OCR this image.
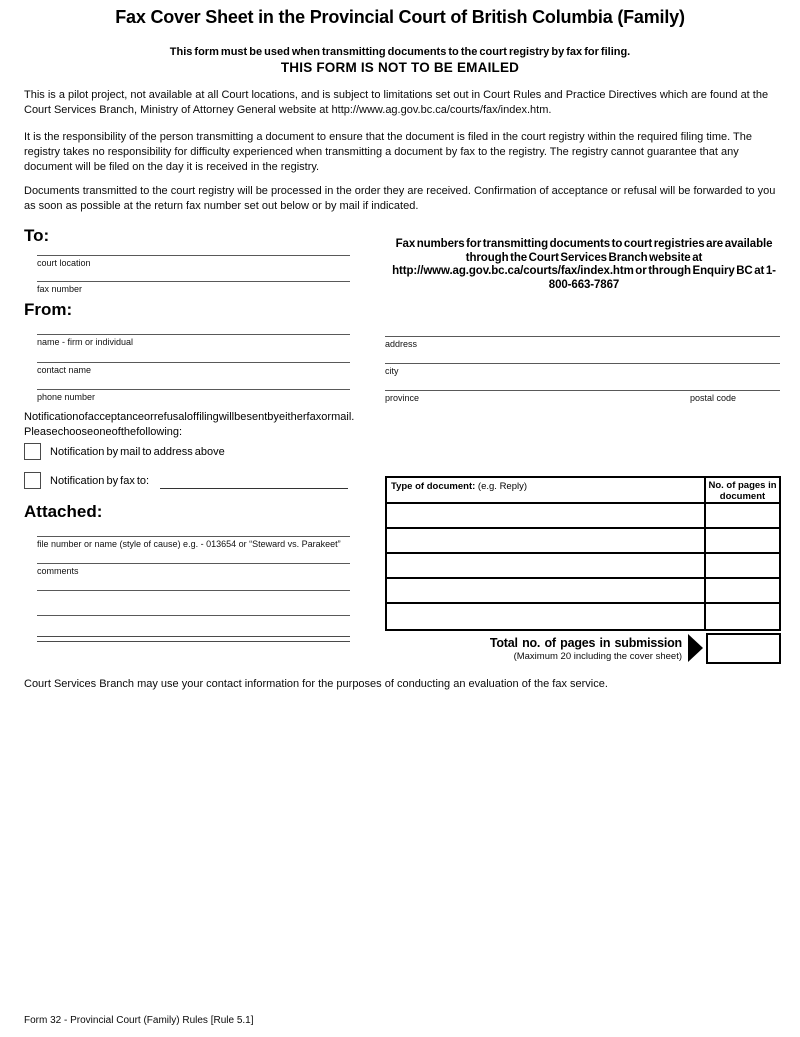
Fax Cover Sheet in the Provincial Court of British Columbia (Family)
This form must be used when transmitting documents to the court registry by fax for filing.
THIS FORM IS NOT TO BE EMAILED
This is a pilot project, not available at all Court locations, and is subject to limitations set out in Court Rules and Practice Directives which are found at the Court Services Branch, Ministry of Attorney General website at http://www.ag.gov.bc.ca/courts/fax/index.htm.
It is the responsibility of the person transmitting a document to ensure that the document is filed in the court registry within the required filing time. The registry takes no responsibility for difficulty experienced when transmitting a document by fax to the registry. The registry cannot guarantee that any document will be filed on the day it is received in the registry.
Documents transmitted to the court registry will be processed in the order they are received. Confirmation of acceptance or refusal will be forwarded to you as soon as possible at the return fax number set out below or by mail if indicated.
To:
court location
fax number
Fax numbers for transmitting documents to court registries are available through the Court Services Branch website at http://www.ag.gov.bc.ca/courts/fax/index.htm or through Enquiry BC at 1-800-663-7867
From:
name - firm or individual
contact name
phone number
address
city
province	postal code
Notification of acceptance or refusal of filing will be sent by either fax or mail. Please choose one of the following:
Notification by mail to address above
Notification by fax to:
Attached:
file number or name (style of cause) e.g. - 013654 or “Steward vs. Parakeet”
comments
Type of document: (e.g. Reply)	No. of pages in document
Total no. of pages in submission
(Maximum 20 including the cover sheet)
Court Services Branch may use your contact information for the purposes of conducting an evaluation of the fax service.
Form 32 - Provincial Court (Family) Rules [Rule 5.1]
